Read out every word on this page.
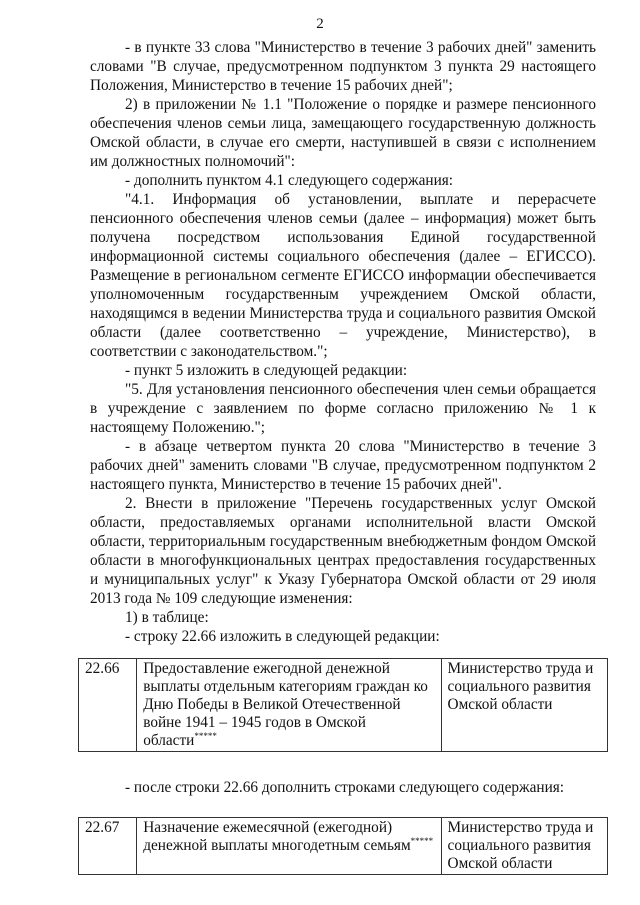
2

- в пункте 33 слова "Министерство в течение 3 рабочих дней" заменить словами "В случае, предусмотренном подпунктом 3 пункта 29 настоящего Положения, Министерство в течение 15 рабочих дней";

2) в приложении № 1.1 "Положение о порядке и размере пенсионного обеспечения членов семьи лица, замещающего государственную должность Омской области, в случае его смерти, наступившей в связи с исполнением им должностных полномочий":

- дополнить пунктом 4.1 следующего содержания:

"4.1. Информация об установлении, выплате и перерасчете пенсионного обеспечения членов семьи (далее – информация) может быть получена посредством использования Единой государственной информационной системы социального обеспечения (далее – ЕГИССО). Размещение в региональном сегменте ЕГИССО информации обеспечивается уполномоченным государственным учреждением Омской области, находящимся в ведении Министерства труда и социального развития Омской области (далее соответственно – учреждение, Министерство), в соответствии с законодательством.";

- пункт 5 изложить в следующей редакции:

"5. Для установления пенсионного обеспечения член семьи обращается в учреждение с заявлением по форме согласно приложению № 1 к настоящему Положению.";

- в абзаце четвертом пункта 20 слова "Министерство в течение 3 рабочих дней" заменить словами "В случае, предусмотренном подпунктом 2 настоящего пункта, Министерство в течение 15 рабочих дней".

2. Внести в приложение "Перечень государственных услуг Омской области, предоставляемых органами исполнительной власти Омской области, территориальным государственным внебюджетным фондом Омской области в многофункциональных центрах предоставления государственных и муниципальных услуг" к Указу Губернатора Омской области от 29 июля 2013 года № 109 следующие изменения:

1) в таблице:

- строку 22.66 изложить в следующей редакции:

22.66	Предоставление ежегодной денежной выплаты отдельным категориям граждан ко Дню Победы в Великой Отечественной войне 1941 – 1945 годов в Омской области*****	Министерство труда и социального развития Омской области

- после строки 22.66 дополнить строками следующего содержания:

22.67	Назначение ежемесячной (ежегодной) денежной выплаты многодетным семьям*****	Министерство труда и социального развития Омской области
